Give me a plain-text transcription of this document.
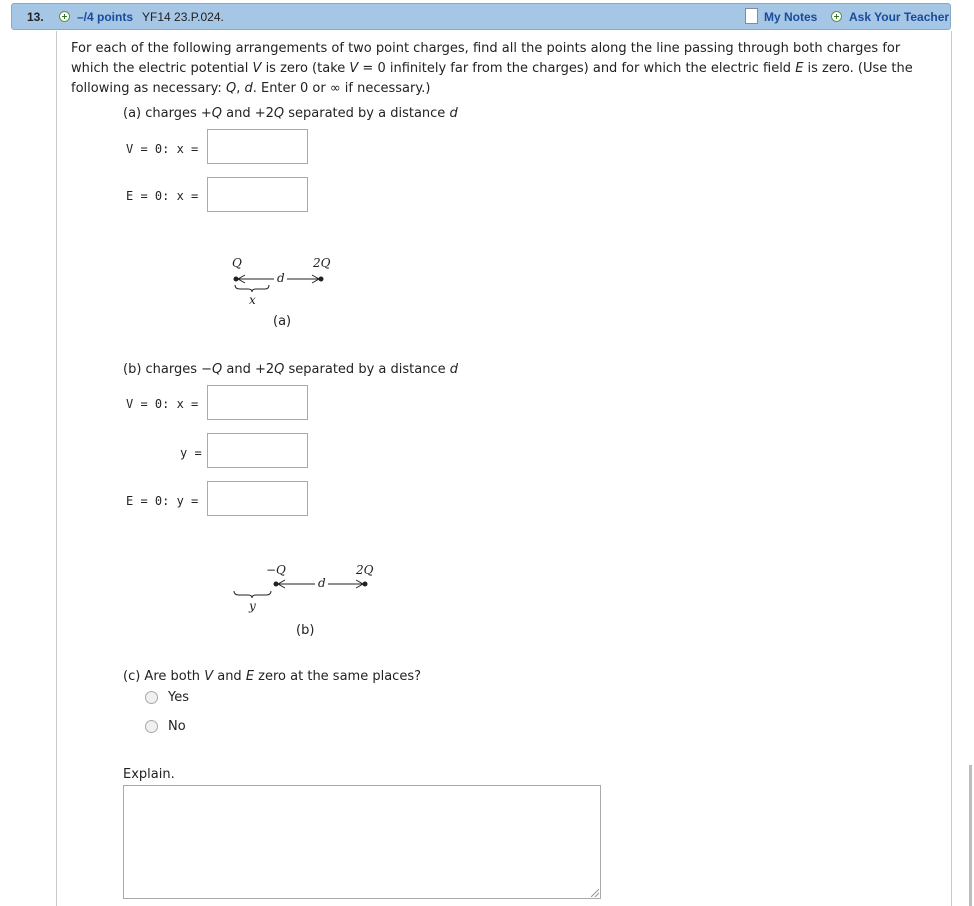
13.	–/4 points YF14 23.P.024.	My Notes	Ask Your Teacher
For each of the following arrangements of two point charges, find all the points along the line passing through both charges for which the electric potential V is zero (take V = 0 infinitely far from the charges) and for which the electric field E is zero. (Use the following as necessary: Q, d. Enter 0 or ∞ if necessary.)
(a) charges +Q and +2Q separated by a distance d
V = 0: x =
E = 0: x =
Q	2Q
d
x
(a)
(b) charges −Q and +2Q separated by a distance d
V = 0: x =
y =
E = 0: y =
−Q	2Q
d
y
(b)
(c) Are both V and E zero at the same places?
Yes
No
Explain.
